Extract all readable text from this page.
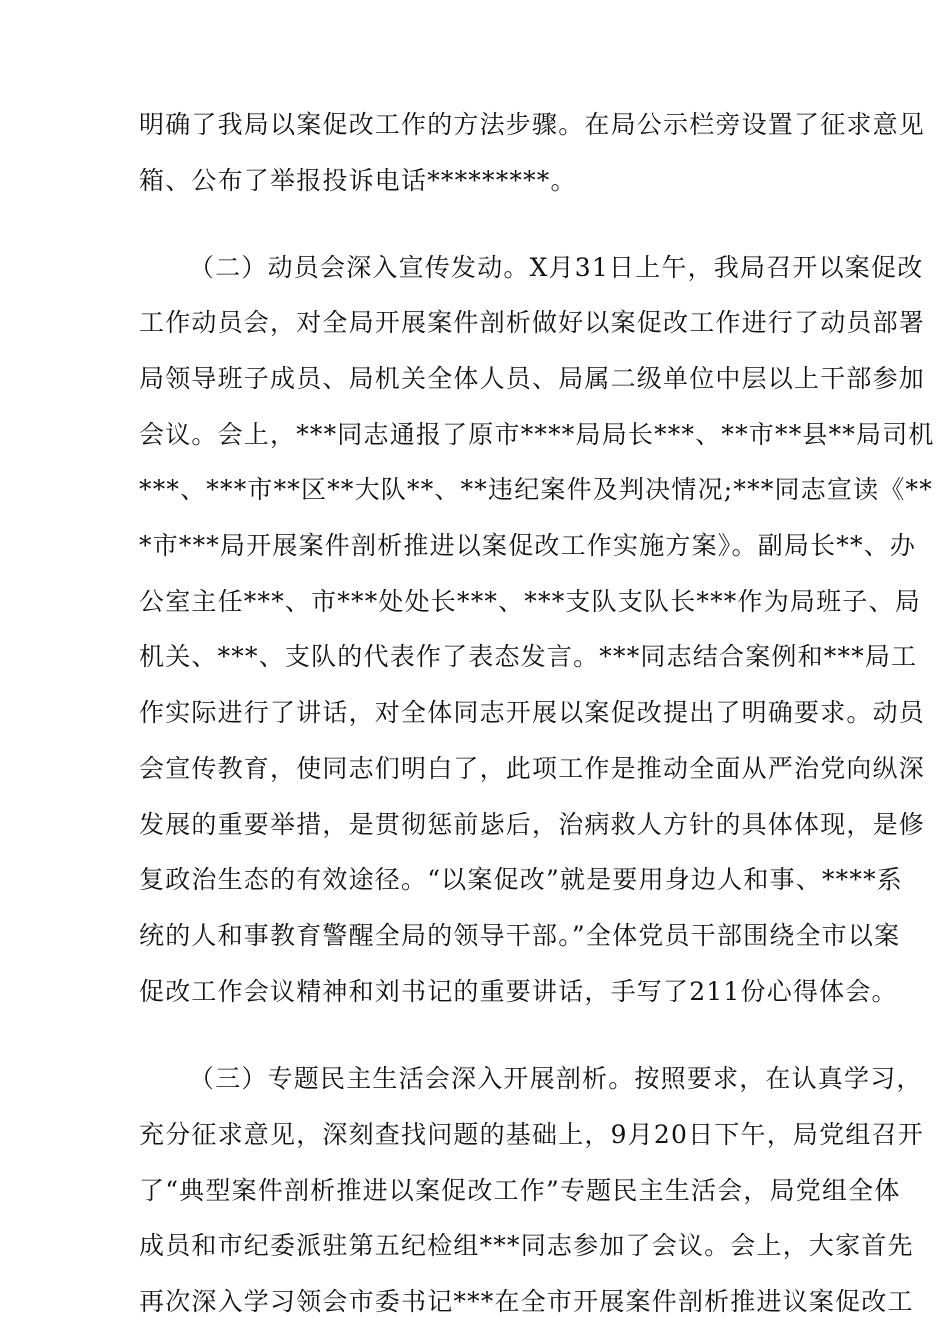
明确了我局以案促改工作的方法步骤。在局公示栏旁设置了征求意见
箱、公布了举报投诉电话*********。
（二）动员会深入宣传发动。X月31日上午，我局召开以案促改
工作动员会，对全局开展案件剖析做好以案促改工作进行了动员部署
局领导班子成员、局机关全体人员、局属二级单位中层以上干部参加
会议。会上，***同志通报了原市****局局长***、**市**县**局司机
***、***市**区**大队**、**违纪案件及判决情况;***同志宣读《**
*市***局开展案件剖析推进以案促改工作实施方案》。副局长**、办
公室主任***、市***处处长***、***支队支队长***作为局班子、局
机关、***、支队的代表作了表态发言。***同志结合案例和***局工
作实际进行了讲话，对全体同志开展以案促改提出了明确要求。动员
会宣传教育，使同志们明白了，此项工作是推动全面从严治党向纵深
发展的重要举措，是贯彻惩前毖后，治病救人方针的具体体现，是修
复政治生态的有效途径。“以案促改”就是要用身边人和事、****系
统的人和事教育警醒全局的领导干部。”全体党员干部围绕全市以案
促改工作会议精神和刘书记的重要讲话，手写了211份心得体会。
（三）专题民主生活会深入开展剖析。按照要求，在认真学习，
充分征求意见，深刻查找问题的基础上，9月20日下午，局党组召开
了“典型案件剖析推进以案促改工作”专题民主生活会，局党组全体
成员和市纪委派驻第五纪检组***同志参加了会议。会上，大家首先
再次深入学习领会市委书记***在全市开展案件剖析推进议案促改工
